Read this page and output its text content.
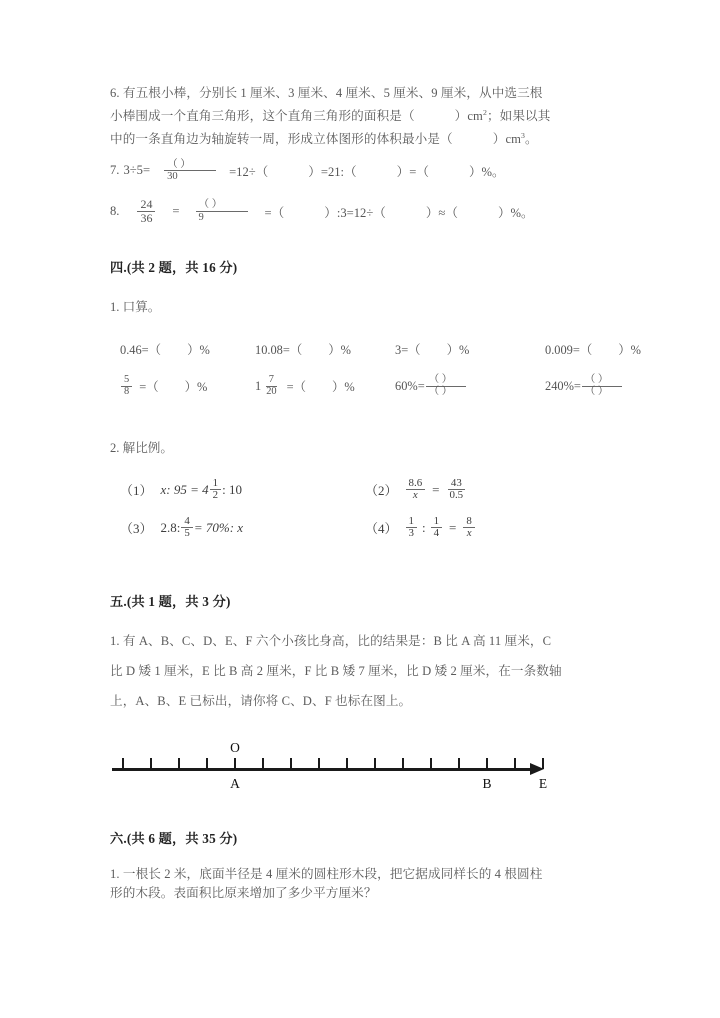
6. 有五根小棒，分别长 1 厘米、3 厘米、4 厘米、5 厘米、9 厘米，从中选三根
小棒围成一个直角三角形，这个直角三角形的面积是（	）$cm^2$；如果以其
中的一条直角边为轴旋转一周，形成立体图形的体积最小是（	）$cm^3$。
7. $3\div 5= \frac{( )}{30} =12\div$（	）=21:（	）=（	）%。
8. $\frac{24}{36} = \frac{( )}{9}$ =（	）:3=12÷（	）≈（	）%。
四.(共 2 题，共 16 分)
1. 口算。
0.46=（ ）%	10.08=（ ）%	3=（ ）%	0.009=（ ）%
$\frac{5}{8}$ =（ ）%	$1 \frac{7}{20}$ =（ ）%	$60\%= \frac{( )}{( )}$	$240\%= \frac{( )}{( )}$
2. 解比例。
（1） x: $95 = 4 \frac{1}{2}$ : 10	$(2) \frac{8.6}{x} = \frac{43}{0.5}$
（3） 2.8: $\frac{4}{5} = 70\%$: x	$(4) \frac{1}{3}$ : $\frac{1}{4} = \frac{8}{x}$
五.(共 1 题，共 3 分)
1. 有 A、B、C、D、E、F 六个小孩比身高，比的结果是：B 比 A 高 11 厘米，C
比 D 矮 1 厘米，E 比 B 高 2 厘米，F 比 B 矮 7 厘米，比 D 矮 2 厘米，在一条数轴
上，A、B、E 已标出，请你将 C、D、F 也标在图上。
O
A	B	E
六.(共 6 题，共 35 分)
1. 一根长 2 米，底面半径是 4 厘米的圆柱形木段，把它据成同样长的 4 根圆柱
形的木段。表面积比原来增加了多少平方厘米？
